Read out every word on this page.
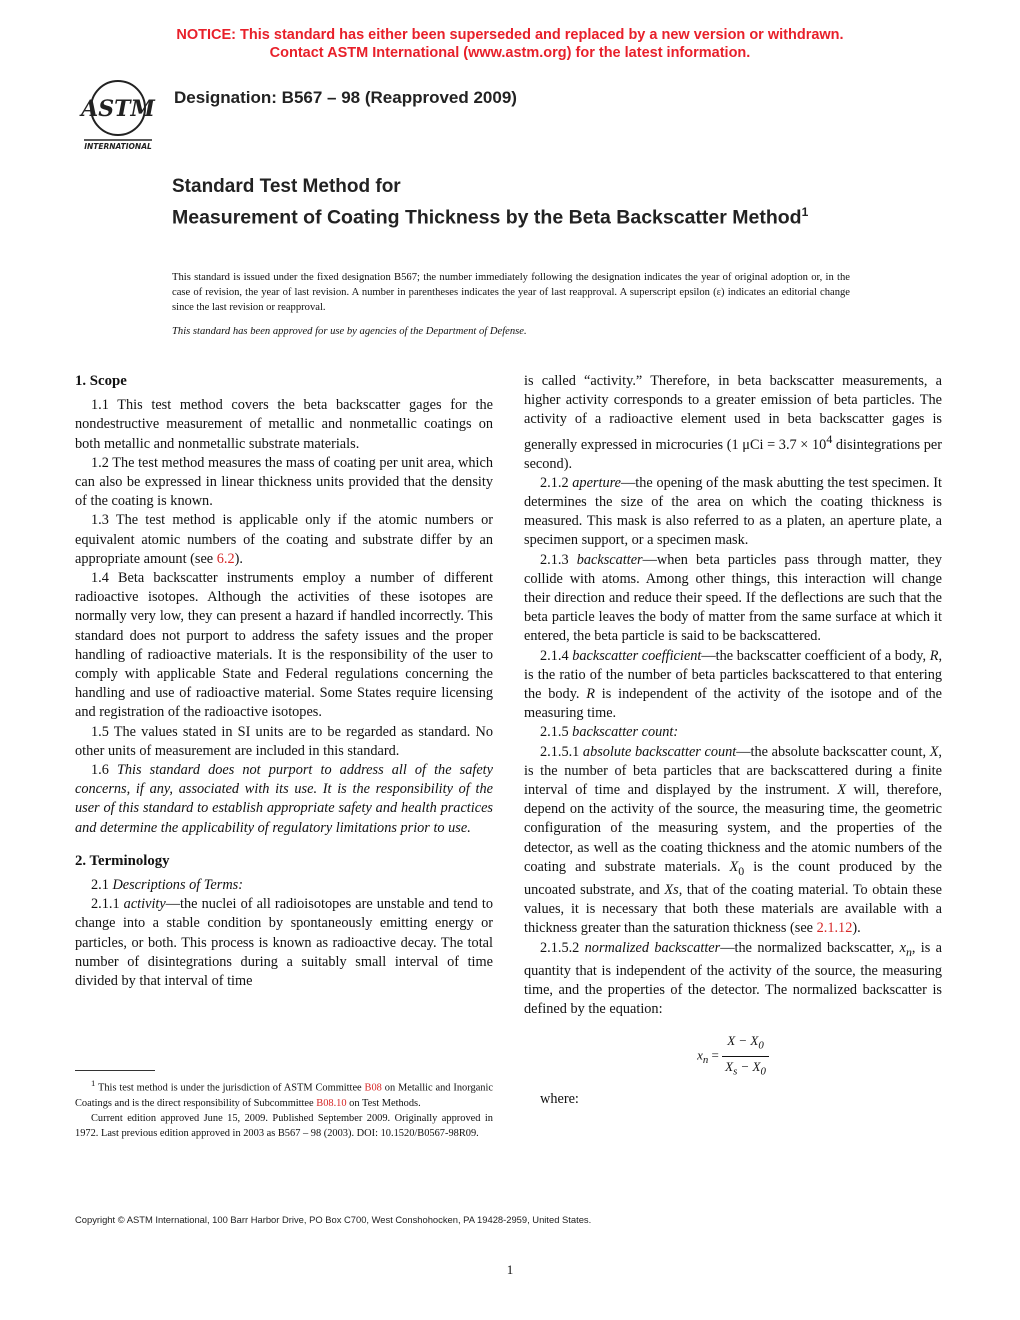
NOTICE: This standard has either been superseded and replaced by a new version or withdrawn.
Contact ASTM International (www.astm.org) for the latest information.
ASTM
INTERNATIONAL
Designation: B567 – 98 (Reapproved 2009)
Standard Test Method for
Measurement of Coating Thickness by the Beta Backscatter Method$^1$
This standard is issued under the fixed designation B567; the number immediately following the designation indicates the year of original adoption or, in the case of revision, the year of last revision. A number in parentheses indicates the year of last reapproval. A superscript epsilon (ε) indicates an editorial change since the last revision or reapproval.
This standard has been approved for use by agencies of the Department of Defense.
1. Scope

1.1 This test method covers the beta backscatter gages for the nondestructive measurement of metallic and nonmetallic coatings on both metallic and nonmetallic substrate materials.

1.2 The test method measures the mass of coating per unit area, which can also be expressed in linear thickness units provided that the density of the coating is known.

1.3 The test method is applicable only if the atomic numbers or equivalent atomic numbers of the coating and substrate differ by an appropriate amount (see 6.2).

1.4 Beta backscatter instruments employ a number of different radioactive isotopes. Although the activities of these isotopes are normally very low, they can present a hazard if handled incorrectly. This standard does not purport to address the safety issues and the proper handling of radioactive materials. It is the responsibility of the user to comply with applicable State and Federal regulations concerning the handling and use of radioactive material. Some States require licensing and registration of the radioactive isotopes.

1.5 The values stated in SI units are to be regarded as standard. No other units of measurement are included in this standard.

1.6 This standard does not purport to address all of the safety concerns, if any, associated with its use. It is the responsibility of the user of this standard to establish appropriate safety and health practices and determine the applicability of regulatory limitations prior to use.

2. Terminology

2.1 Descriptions of Terms:

2.1.1 activity—the nuclei of all radioisotopes are unstable and tend to change into a stable condition by spontaneously emitting energy or particles, or both. This process is known as radioactive decay. The total number of disintegrations during a suitably small interval of time divided by that interval of time

is called “activity.” Therefore, in beta backscatter measurements, a higher activity corresponds to a greater emission of beta particles. The activity of a radioactive element used in beta backscatter gages is generally expressed in microcuries (1 $\mu Ci = 3.7 \times 10^4$ disintegrations per second).

2.1.2 aperture—the opening of the mask abutting the test specimen. It determines the size of the area on which the coating thickness is measured. This mask is also referred to as a platen, an aperture plate, a specimen support, or a specimen mask.

2.1.3 backscatter—when beta particles pass through matter, they collide with atoms. Among other things, this interaction will change their direction and reduce their speed. If the deflections are such that the beta particle leaves the body of matter from the same surface at which it entered, the beta particle is said to be backscattered.

2.1.4 backscatter coefficient—the backscatter coefficient of a body, R, is the ratio of the number of beta particles backscattered to that entering the body. R is independent of the activity of the isotope and of the measuring time.

2.1.5 backscatter count:

2.1.5.1 absolute backscatter count—the absolute backscatter count, X, is the number of beta particles that are backscattered during a finite interval of time and displayed by the instrument. X will, therefore, depend on the activity of the source, the measuring time, the geometric configuration of the measuring system, and the properties of the detector, as well as the coating thickness and the atomic numbers of the coating and substrate materials. $X_0$ is the count produced by the uncoated substrate, and Xs, that of the coating material. To obtain these values, it is necessary that both these materials are available with a thickness greater than the saturation thickness (see 2.1.12).

2.1.5.2 normalized backscatter—the normalized backscatter, $x_n$, is a quantity that is independent of the activity of the source, the measuring time, and the properties of the detector. The normalized backscatter is defined by the equation:

$x_n = \frac{X - X_0}{X_s - X_0}$

where:

$^1$ This test method is under the jurisdiction of ASTM Committee B08 on Metallic and Inorganic Coatings and is the direct responsibility of Subcommittee B08.10 on Test Methods.

Current edition approved June 15, 2009. Published September 2009. Originally approved in 1972. Last previous edition approved in 2003 as B567 – 98 (2003). DOI: 10.1520/B0567-98R09.

Copyright © ASTM International, 100 Barr Harbor Drive, PO Box C700, West Conshohocken, PA 19428-2959, United States.
1
